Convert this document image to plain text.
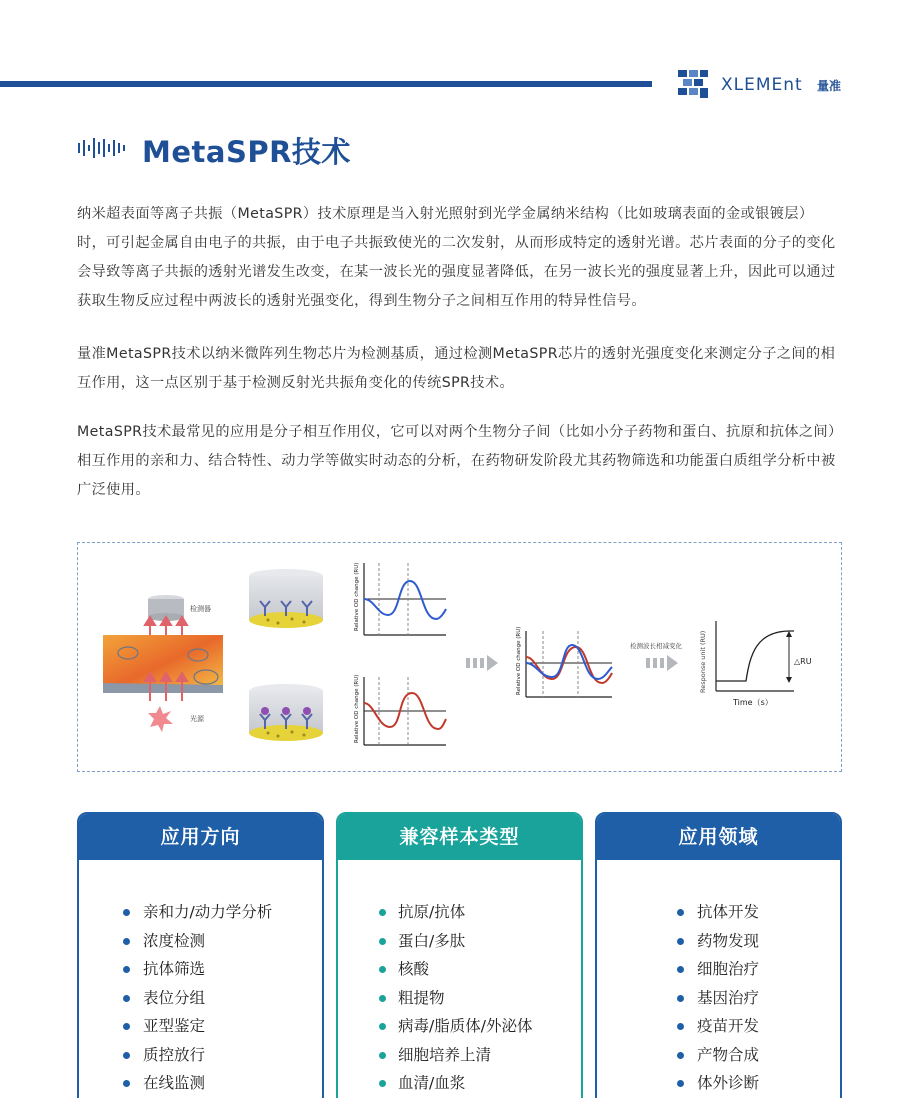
XLEMEnt 量准
MetaSPR技术

纳米超表面等离子共振（MetaSPR）技术原理是当入射光照射到光学金属纳米结构（比如玻璃表面的金或银镀层）时，可引起金属自由电子的共振，由于电子共振致使光的二次发射，从而形成特定的透射光谱。芯片表面的分子的变化会导致等离子共振的透射光谱发生改变，在某一波长光的强度显著降低，在另一波长光的强度显著上升，因此可以通过获取生物反应过程中两波长的透射光强变化，得到生物分子之间相互作用的特异性信号。

量准MetaSPR技术以纳米微阵列生物芯片为检测基质，通过检测MetaSPR芯片的透射光强度变化来测定分子之间的相互作用，这一点区别于基于检测反射光共振角变化的传统SPR技术。

MetaSPR技术最常见的应用是分子相互作用仪，它可以对两个生物分子间（比如小分子药物和蛋白、抗原和抗体之间）相互作用的亲和力、结合特性、动力学等做实时动态的分析，在药物研发阶段尤其药物筛选和功能蛋白质组学分析中被广泛使用。

检测器
光源
Relative OD change (RU)
Relative OD change (RU)
Relative OD change (RU)	检测波长相减变化	Response unit (RU)
Time（s）
△RU
应用方向
亲和力/动力学分析
浓度检测
抗体筛选
表位分组
亚型鉴定
质控放行
在线监测
兼容样本类型
抗原/抗体
蛋白/多肽
核酸
粗提物
病毒/脂质体/外泌体
细胞培养上清
血清/血浆
应用领域
抗体开发
药物发现
细胞治疗
基因治疗
疫苗开发
产物合成
体外诊断
